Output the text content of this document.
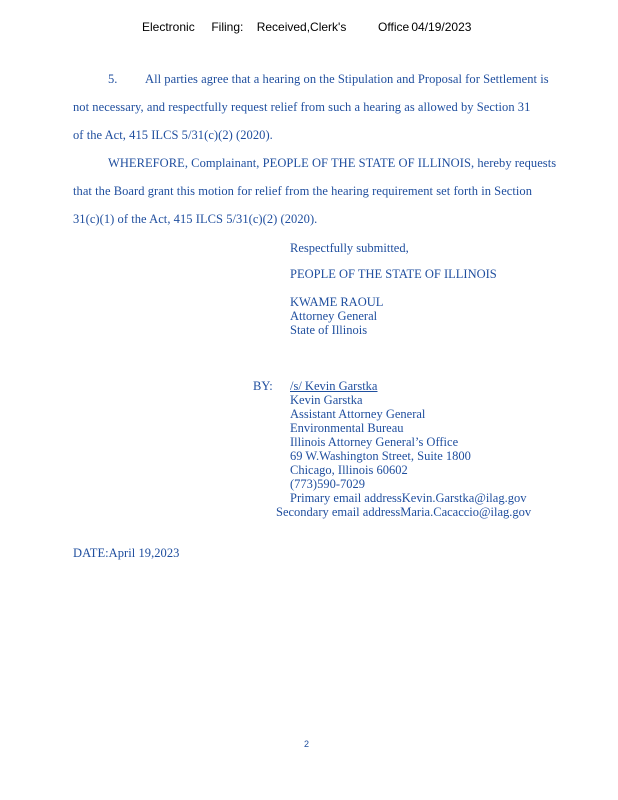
Electronic Filing: Received,Clerk's	Office 04/19/2023
5. All parties agree that a hearing on the Stipulation and Proposal for Settlement is
not necessary, and respectfully request relief from such a hearing as allowed by Section 31
of the Act, 415 ILCS 5/31(c)(2) (2020).
WHEREFORE, Complainant, PEOPLE OF THE STATE OF ILLINOIS, hereby requests
that the Board grant this motion for relief from the hearing requirement set forth in Section
31(c)(1) of the Act, 415 ILCS 5/31(c)(2) (2020).
Respectfully submitted,
PEOPLE OF THE STATE OF ILLINOIS
KWAME RAOUL
Attorney General
State of Illinois
BY: /s/ Kevin Garstka
Kevin Garstka
Assistant Attorney General
Environmental Bureau
Illinois Attorney General’s Office
69 W.Washington Street, Suite 1800
Chicago, Illinois 60602
(773)590-7029
Primary email addressKevin.Garstka@ilag.gov
Secondary email addressMaria.Cacaccio@ilag.gov
DATE:April 19,2023
2
